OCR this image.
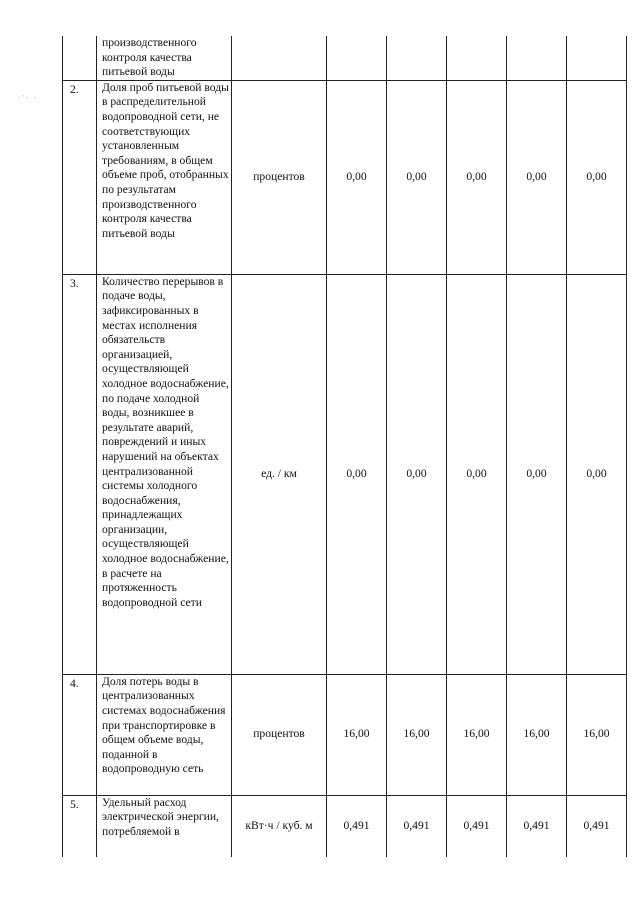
·'· ·
	производственного контроля качества питьевой воды						
2.	Доля проб питьевой воды в распределительной водопроводной сети, не соответствующих установленным требованиям, в общем объеме проб, отобранных по результатам производственного контроля качества питьевой воды	процентов	0,00	0,00	0,00	0,00	0,00
3.	Количество перерывов в подаче воды, зафиксированных в местах исполнения обязательств организацией, осуществляющей холодное водоснабжение, по подаче холодной воды, возникшее в результате аварий, повреждений и иных нарушений на объектах централизованной системы холодного водоснабжения, принадлежащих организации, осуществляющей холодное водоснабжение, в расчете на протяженность водопроводной сети	ед. / км	0,00	0,00	0,00	0,00	0,00
4.	Доля потерь воды в централизованных системах водоснабжения при транспортировке в общем объеме воды, поданной в водопроводную сеть	процентов	16,00	16,00	16,00	16,00	16,00
5.	Удельный расход электрической энергии, потребляемой в	кВт·ч / куб. м	0,491	0,491	0,491	0,491	0,491
